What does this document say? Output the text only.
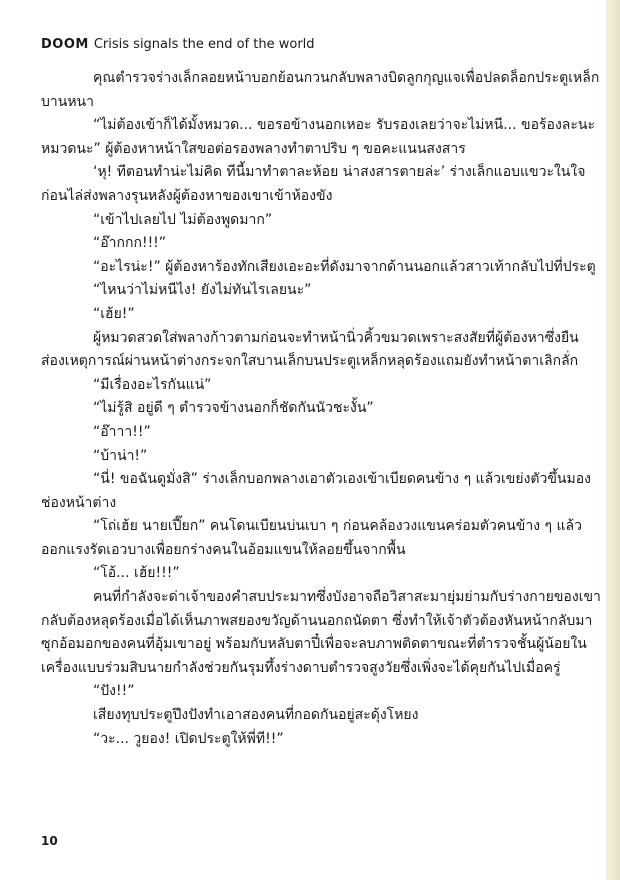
DOOM Crisis signals the end of the world

คุณตำรวจร่างเล็กลอยหน้าบอกย้อนกวนกลับพลางบิดลูกกุญแจเพื่อปลดล็อกประตูเหล็กบานหนา

“ไม่ต้องเข้าก็ได้มั้งหมวด... ขอรอข้างนอกเหอะ รับรองเลยว่าจะไม่หนี... ขอร้องละนะหมวดนะ” ผู้ต้องหาหน้าใสขอต่อรองพลางทำตาปริบ ๆ ขอคะแนนสงสาร

‘หุ! ทีตอนทำน่ะไม่คิด ทีนี้มาทำตาละห้อย น่าสงสารตายล่ะ’ ร่างเล็กแอบแขวะในใจก่อนไล่ส่งพลางรุนหลังผู้ต้องหาของเขาเข้าห้องขัง

“เข้าไปเลยไป ไม่ต้องพูดมาก”

“อ๊ากกก!!!”

“อะไรน่ะ!” ผู้ต้องหาร้องทักเสียงเอะอะที่ดังมาจากด้านนอกแล้วสาวเท้ากลับไปที่ประตู

“ไหนว่าไม่หนีไง! ยังไม่ทันไรเลยนะ”

“เฮ้ย!”

ผู้หมวดสวดใส่พลางก้าวตามก่อนจะทำหน้านิ่วคิ้วขมวดเพราะสงสัยที่ผู้ต้องหาซึ่งยืนส่องเหตุการณ์ผ่านหน้าต่างกระจกใสบานเล็กบนประตูเหล็กหลุดร้องแถมยังทำหน้าตาเลิกลั่ก

“มีเรื่องอะไรกันแน่”

“ไม่รู้สิ อยู่ดี ๆ ตำรวจข้างนอกก็ชัดกันนัวชะงั้น”

“อ๊าาา!!”

“บ้าน่า!”

“นี่! ขอฉันดูมั่งสิ” ร่างเล็กบอกพลางเอาตัวเองเข้าเบียดคนข้าง ๆ แล้วเขย่งตัวขึ้นมองช่องหน้าต่าง

“โถ่เฮ้ย นายเปี๊ยก” คนโดนเบียนบ่นเบา ๆ ก่อนคล้องวงแขนคร่อมตัวคนข้าง ๆ แล้วออกแรงรัดเอวบางเพื่อยกร่างคนในอ้อมแขนให้ลอยขึ้นจากพื้น

“โอ้... เฮ้ย!!!”

คนที่กำลังจะด่าเจ้าของคำสบประมาทซึ่งบังอาจถือวิสาสะมายุ่มย่ามกับร่างกายของเขากลับต้องหลุดร้องเมื่อได้เห็นภาพสยองขวัญด้านนอกถนัดตา ซึ่งทำให้เจ้าตัวต้องหันหน้ากลับมาซุกอ้อมอกของคนที่อุ้มเขาอยู่ พร้อมกับหลับตาปี๋เพื่อจะลบภาพติดตาขณะที่ตำรวจชั้นผู้น้อยในเครื่องแบบร่วมสิบนายกำลังช่วยกันรุมทึ้งร่างดาบตำรวจสูงวัยซึ่งเพิ่งจะได้คุยกันไปเมื่อครู่

“ปัง!!”

เสียงทุบประตูปึงปังทำเอาสองคนที่กอดกันอยู่สะดุ้งโหยง

“วะ... วูยอง! เปิดประตูให้พี่ที!!”

10
